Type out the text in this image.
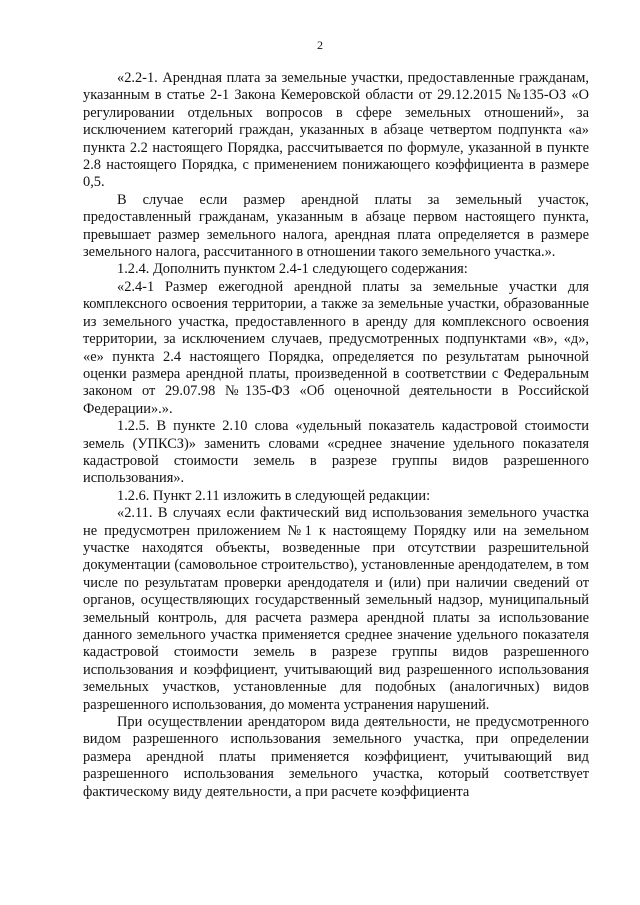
2

«2.2-1. Арендная плата за земельные участки, предоставленные гражданам, указанным в статье 2-1 Закона Кемеровской области от 29.12.2015 №135-ОЗ «О регулировании отдельных вопросов в сфере земельных отношений», за исключением категорий граждан, указанных в абзаце четвертом подпункта «а» пункта 2.2 настоящего Порядка, рассчитывается по формуле, указанной в пункте 2.8 настоящего Порядка, с применением понижающего коэффициента в размере 0,5.

В случае если размер арендной платы за земельный участок, предоставленный гражданам, указанным в абзаце первом настоящего пункта, превышает размер земельного налога, арендная плата определяется в размере земельного налога, рассчитанного в отношении такого земельного участка.».

1.2.4. Дополнить пунктом 2.4-1 следующего содержания:

«2.4-1 Размер ежегодной арендной платы за земельные участки для комплексного освоения территории, а также за земельные участки, образованные из земельного участка, предоставленного в аренду для комплексного освоения территории, за исключением случаев, предусмотренных подпунктами «в», «д», «е» пункта 2.4 настоящего Порядка, определяется по результатам рыночной оценки размера арендной платы, произведенной в соответствии с Федеральным законом от 29.07.98 №135-ФЗ «Об оценочной деятельности в Российской Федерации».».

1.2.5. В пункте 2.10 слова «удельный показатель кадастровой стоимости земель (УПКСЗ)» заменить словами «среднее значение удельного показателя кадастровой стоимости земель в разрезе группы видов разрешенного использования».

1.2.6. Пункт 2.11 изложить в следующей редакции:

«2.11. В случаях если фактический вид использования земельного участка не предусмотрен приложением №1 к настоящему Порядку или на земельном участке находятся объекты, возведенные при отсутствии разрешительной документации (самовольное строительство), установленные арендодателем, в том числе по результатам проверки арендодателя и (или) при наличии сведений от органов, осуществляющих государственный земельный надзор, муниципальный земельный контроль, для расчета размера арендной платы за использование данного земельного участка применяется среднее значение удельного показателя кадастровой стоимости земель в разрезе группы видов разрешенного использования и коэффициент, учитывающий вид разрешенного использования земельных участков, установленные для подобных (аналогичных) видов разрешенного использования, до момента устранения нарушений.

При осуществлении арендатором вида деятельности, не предусмотренного видом разрешенного использования земельного участка, при определении размера арендной платы применяется коэффициент, учитывающий вид разрешенного использования земельного участка, который соответствует фактическому виду деятельности, а при расчете коэффициента
